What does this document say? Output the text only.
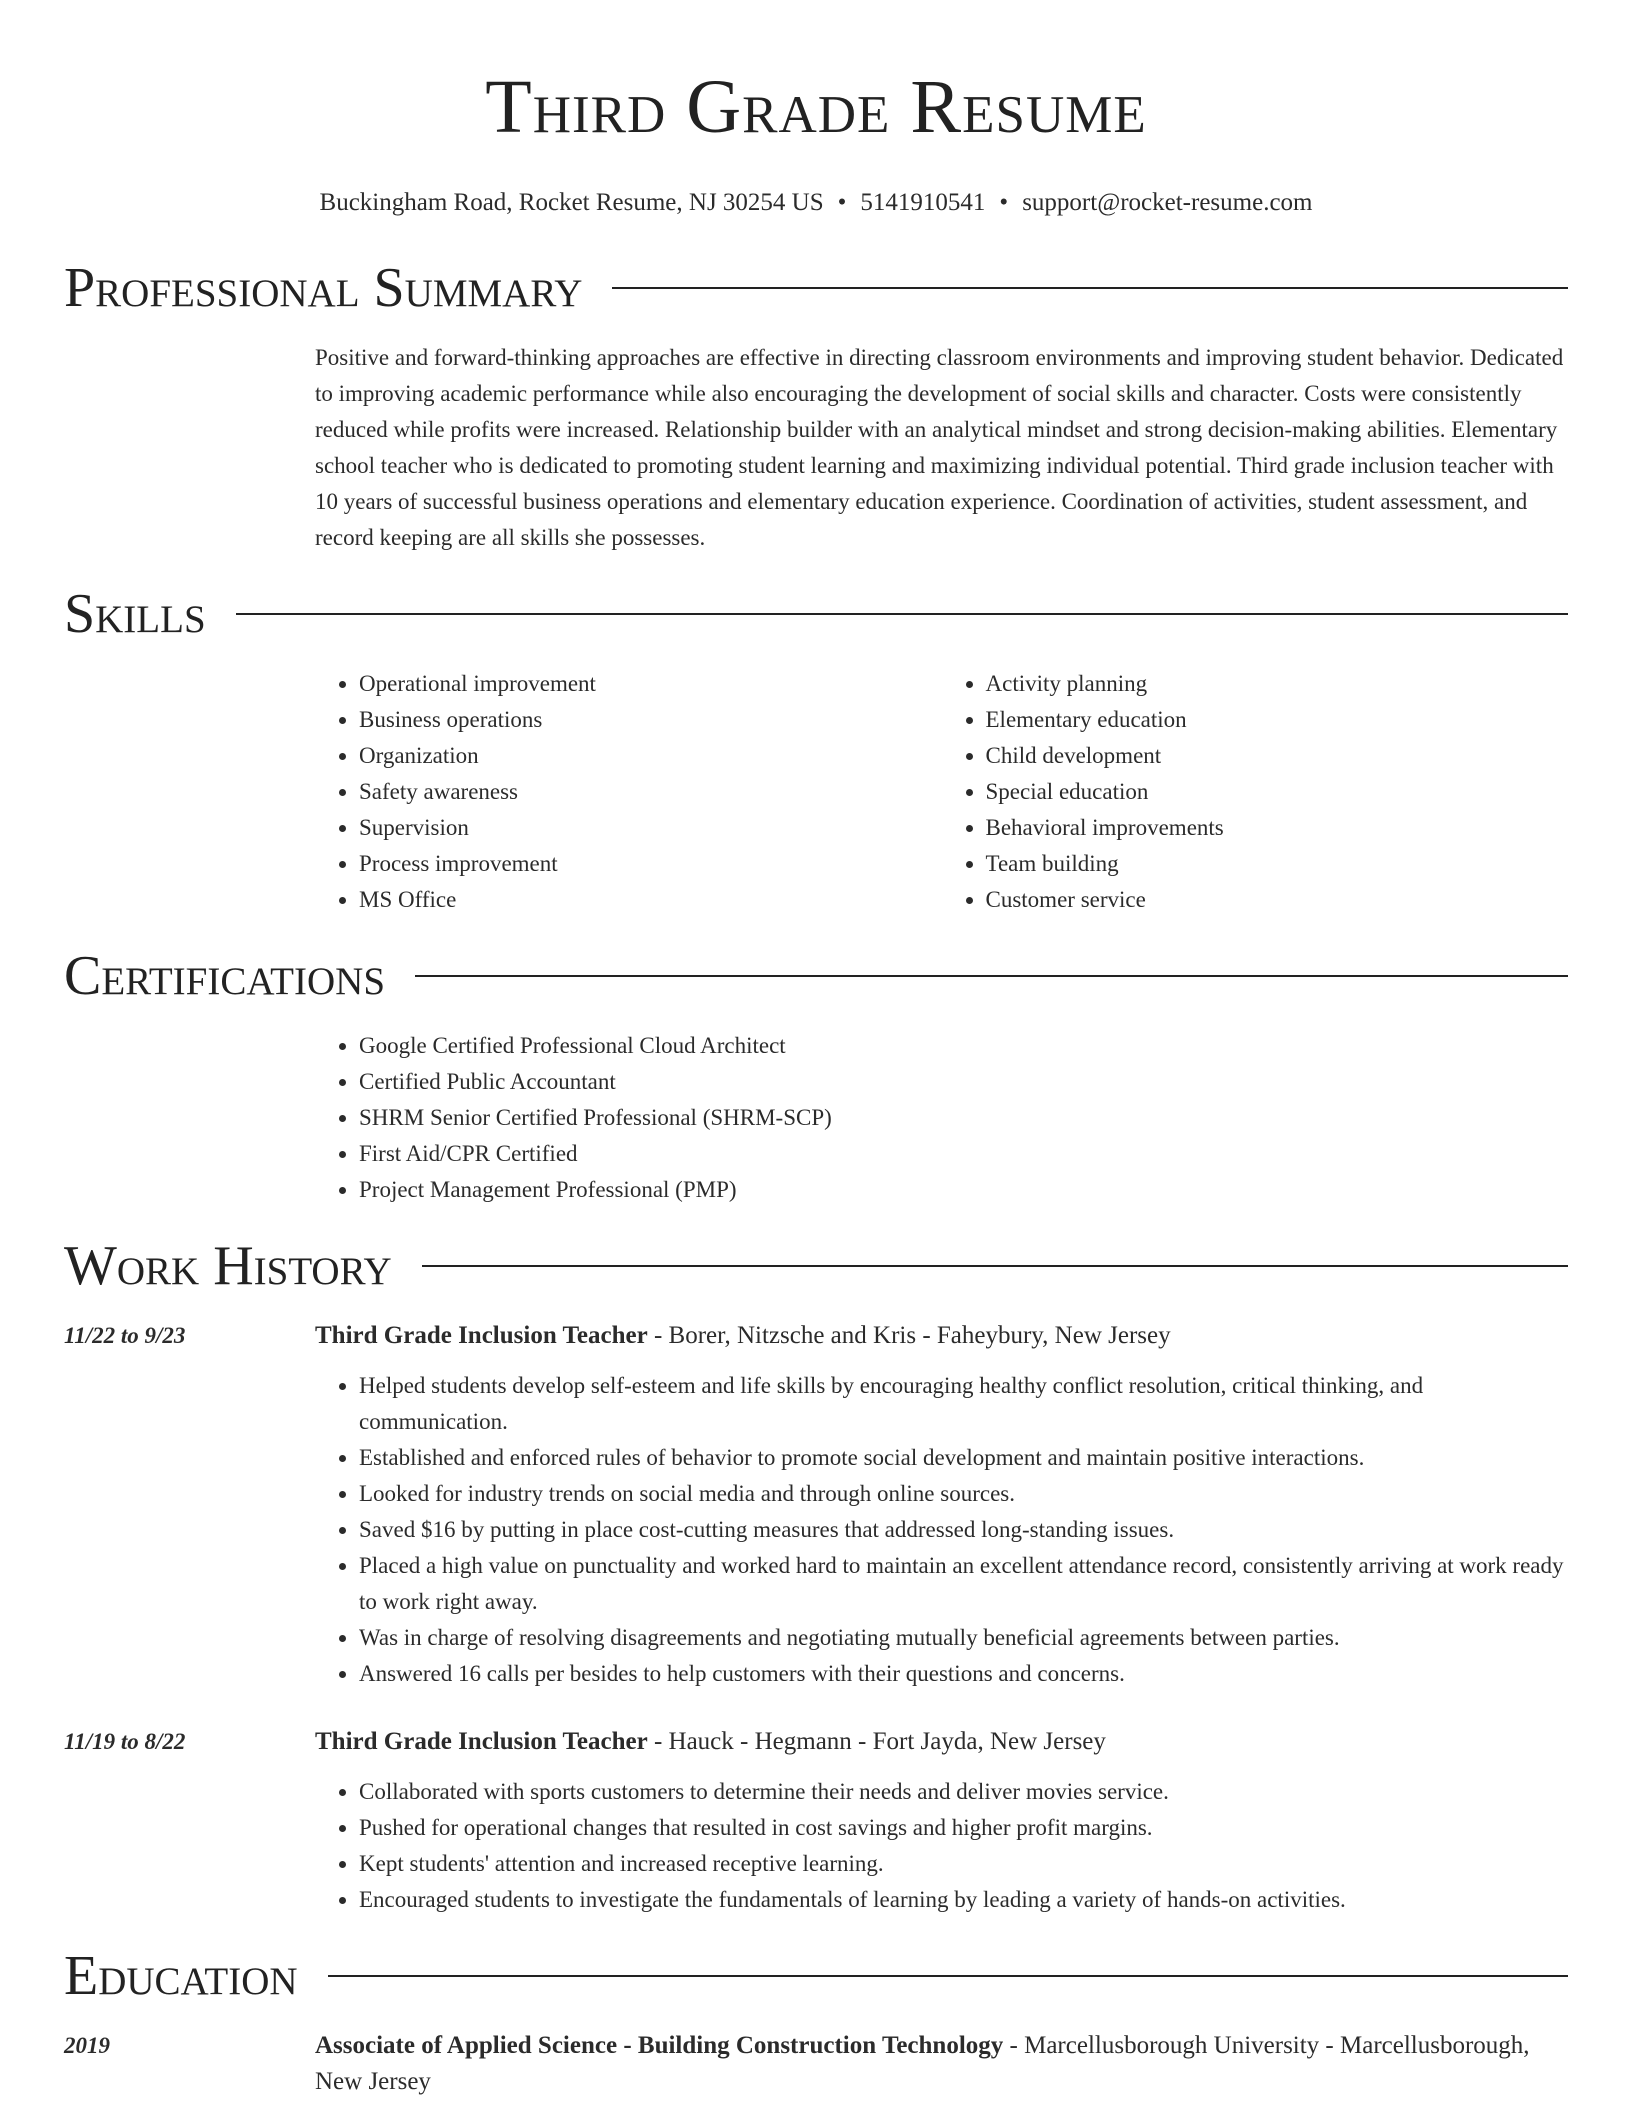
Third Grade Resume
Buckingham Road, Rocket Resume, NJ 30254 US • 5141910541 • support@rocket-resume.com
Professional Summary
Positive and forward-thinking approaches are effective in directing classroom environments and improving student behavior. Dedicated to improving academic performance while also encouraging the development of social skills and character. Costs were consistently reduced while profits were increased. Relationship builder with an analytical mindset and strong decision-making abilities. Elementary school teacher who is dedicated to promoting student learning and maximizing individual potential. Third grade inclusion teacher with 10 years of successful business operations and elementary education experience. Coordination of activities, student assessment, and record keeping are all skills she possesses.
Skills
• Operational improvement
• Business operations
• Organization
• Safety awareness
• Supervision
• Process improvement
• MS Office
• Activity planning
• Elementary education
• Child development
• Special education
• Behavioral improvements
• Team building
• Customer service
Certifications
• Google Certified Professional Cloud Architect
• Certified Public Accountant
• SHRM Senior Certified Professional (SHRM-SCP)
• First Aid/CPR Certified
• Project Management Professional (PMP)
Work History
11/22 to 9/23	Third Grade Inclusion Teacher - Borer, Nitzsche and Kris - Faheybury, New Jersey
• Helped students develop self-esteem and life skills by encouraging healthy conflict resolution, critical thinking, and communication.
• Established and enforced rules of behavior to promote social development and maintain positive interactions.
• Looked for industry trends on social media and through online sources.
• Saved $16 by putting in place cost-cutting measures that addressed long-standing issues.
• Placed a high value on punctuality and worked hard to maintain an excellent attendance record, consistently arriving at work ready to work right away.
• Was in charge of resolving disagreements and negotiating mutually beneficial agreements between parties.
• Answered 16 calls per besides to help customers with their questions and concerns.
11/19 to 8/22	Third Grade Inclusion Teacher - Hauck - Hegmann - Fort Jayda, New Jersey
• Collaborated with sports customers to determine their needs and deliver movies service.
• Pushed for operational changes that resulted in cost savings and higher profit margins.
• Kept students' attention and increased receptive learning.
• Encouraged students to investigate the fundamentals of learning by leading a variety of hands-on activities.
Education
2019	Associate of Applied Science - Building Construction Technology - Marcellusborough University - Marcellusborough, New Jersey
